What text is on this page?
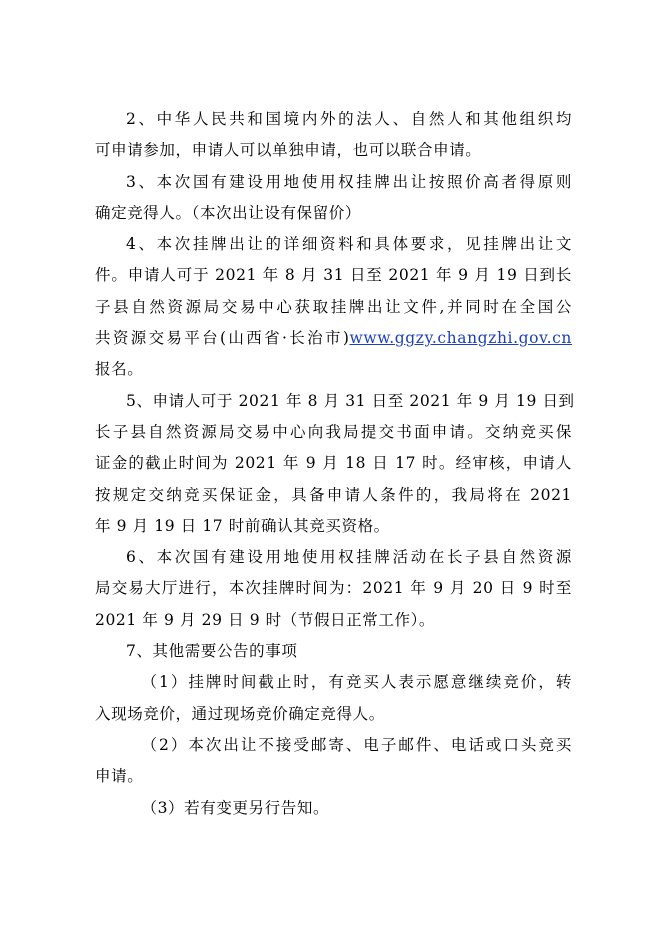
2、中华人民共和国境内外的法人、自然人和其他组织均
可申请参加，申请人可以单独申请，也可以联合申请。

3、本次国有建设用地使用权挂牌出让按照价高者得原则
确定竞得人。（本次出让设有保留价）

4、本次挂牌出让的详细资料和具体要求，见挂牌出让文
件。申请人可于 2021 年 8 月 31 日至 2021 年 9 月 19 日到长
子县自然资源局交易中心获取挂牌出让文件,并同时在全国公
共资源交易平台(山西省·长治市)www.ggzy.changzhi.gov.cn
报名。

5、申请人可于 2021 年 8 月 31 日至 2021 年 9 月 19 日到
长子县自然资源局交易中心向我局提交书面申请。交纳竞买保
证金的截止时间为 2021 年 9 月 18 日 17 时。经审核，申请人
按规定交纳竞买保证金，具备申请人条件的，我局将在 2021
年 9 月 19 日 17 时前确认其竞买资格。

6、本次国有建设用地使用权挂牌活动在长子县自然资源
局交易大厅进行，本次挂牌时间为：2021 年 9 月 20 日 9 时至
2021 年 9 月 29 日 9 时（节假日正常工作）。

7、其他需要公告的事项

（1）挂牌时间截止时，有竞买人表示愿意继续竞价，转
入现场竞价，通过现场竞价确定竞得人。

（2）本次出让不接受邮寄、电子邮件、电话或口头竞买
申请。

（3）若有变更另行告知。
